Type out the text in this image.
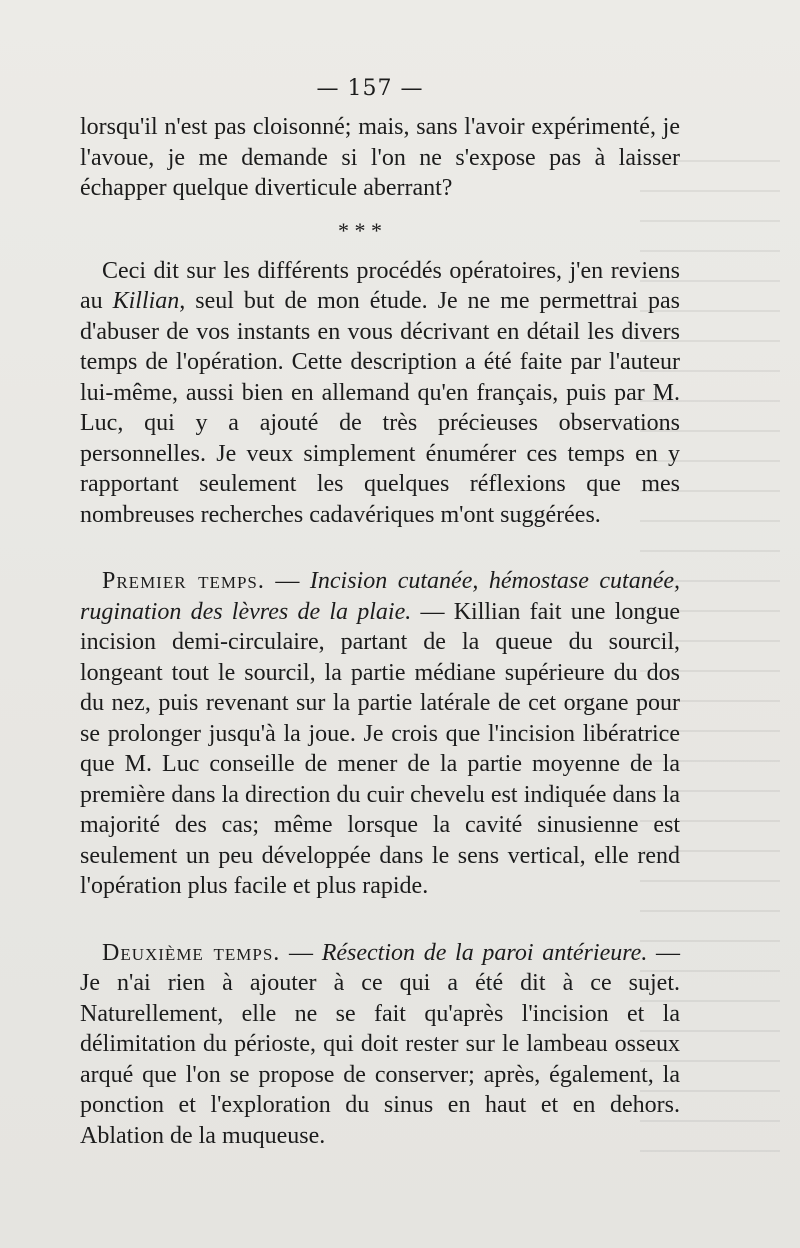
— 157 —

lorsqu'il n'est pas cloisonné; mais, sans l'avoir expérimenté, je l'avoue, je me demande si l'on ne s'expose pas à laisser échapper quelque diverticule aberrant?

* * *

Ceci dit sur les différents procédés opératoires, j'en reviens au Killian, seul but de mon étude. Je ne me permettrai pas d'abuser de vos instants en vous décrivant en détail les divers temps de l'opération. Cette description a été faite par l'auteur lui-même, aussi bien en allemand qu'en français, puis par M. Luc, qui y a ajouté de très précieuses observations personnelles. Je veux simplement énumérer ces temps en y rapportant seulement les quelques réflexions que mes nombreuses recherches cadavériques m'ont suggérées.

Premier temps. — Incision cutanée, hémostase cutanée, rugination des lèvres de la plaie. — Killian fait une longue incision demi-circulaire, partant de la queue du sourcil, longeant tout le sourcil, la partie médiane supérieure du dos du nez, puis revenant sur la partie latérale de cet organe pour se prolonger jusqu'à la joue. Je crois que l'incision libératrice que M. Luc conseille de mener de la partie moyenne de la première dans la direction du cuir chevelu est indiquée dans la majorité des cas; même lorsque la cavité sinusienne est seulement un peu développée dans le sens vertical, elle rend l'opération plus facile et plus rapide.

Deuxième temps. — Résection de la paroi antérieure. — Je n'ai rien à ajouter à ce qui a été dit à ce sujet. Naturellement, elle ne se fait qu'après l'incision et la délimitation du périoste, qui doit rester sur le lambeau osseux arqué que l'on se propose de conserver; après, également, la ponction et l'exploration du sinus en haut et en dehors. Ablation de la muqueuse.
